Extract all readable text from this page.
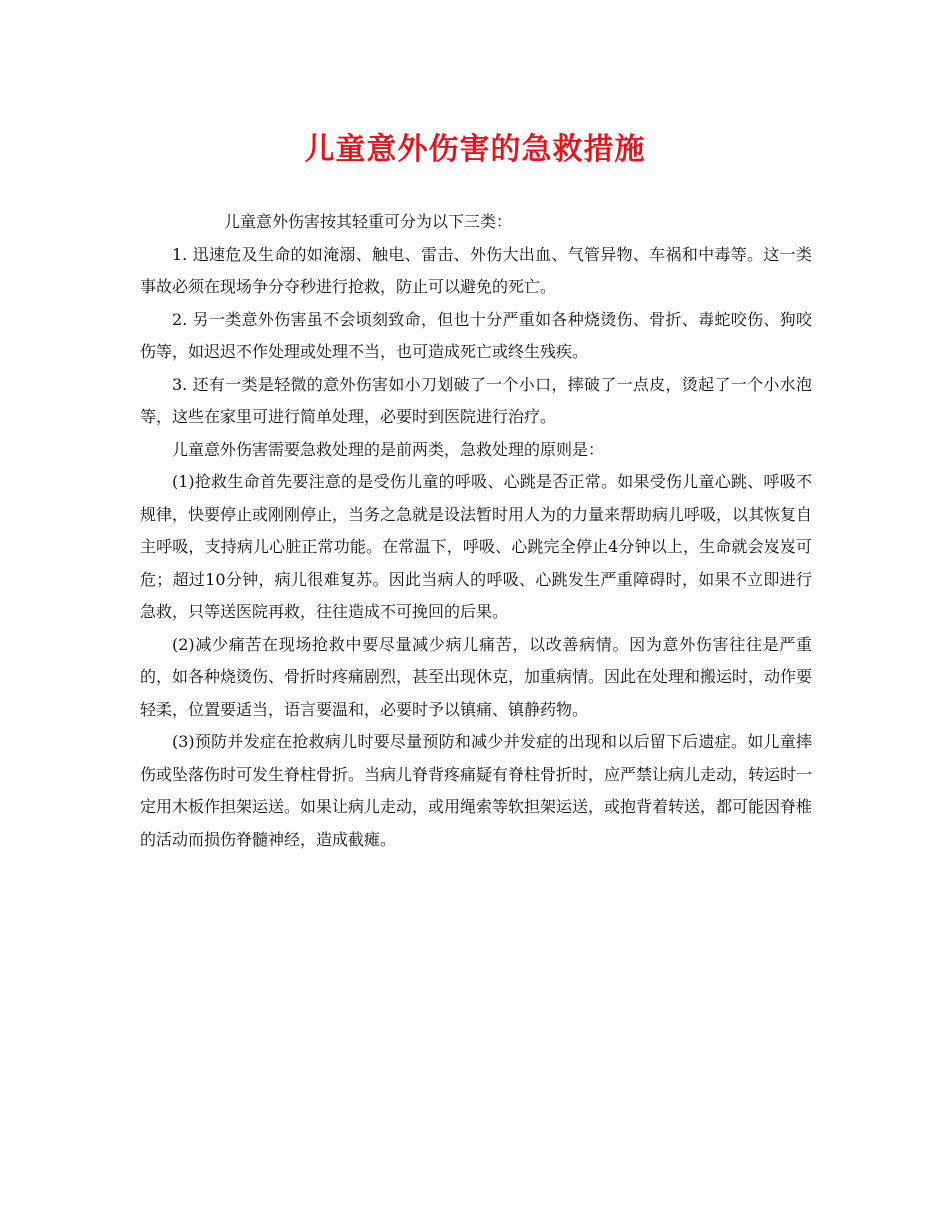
儿童意外伤害的急救措施

儿童意外伤害按其轻重可分为以下三类：

1. 迅速危及生命的如淹溺、触电、雷击、外伤大出血、气管异物、车祸和中毒等。这一类事故必须在现场争分夺秒进行抢救，防止可以避免的死亡。

2. 另一类意外伤害虽不会顷刻致命，但也十分严重如各种烧烫伤、骨折、毒蛇咬伤、狗咬伤等，如迟迟不作处理或处理不当，也可造成死亡或终生残疾。

3. 还有一类是轻微的意外伤害如小刀划破了一个小口，摔破了一点皮，烫起了一个小水泡等，这些在家里可进行简单处理，必要时到医院进行治疗。

儿童意外伤害需要急救处理的是前两类，急救处理的原则是：

(1)抢救生命首先要注意的是受伤儿童的呼吸、心跳是否正常。如果受伤儿童心跳、呼吸不规律，快要停止或刚刚停止，当务之急就是设法暂时用人为的力量来帮助病儿呼吸，以其恢复自主呼吸，支持病儿心脏正常功能。在常温下，呼吸、心跳完全停止4分钟以上，生命就会岌岌可危；超过10分钟，病儿很难复苏。因此当病人的呼吸、心跳发生严重障碍时，如果不立即进行急救，只等送医院再救，往往造成不可挽回的后果。

(2)减少痛苦在现场抢救中要尽量减少病儿痛苦，以改善病情。因为意外伤害往往是严重的，如各种烧烫伤、骨折时疼痛剧烈，甚至出现休克，加重病情。因此在处理和搬运时，动作要轻柔，位置要适当，语言要温和，必要时予以镇痛、镇静药物。

(3)预防并发症在抢救病儿时要尽量预防和减少并发症的出现和以后留下后遗症。如儿童摔伤或坠落伤时可发生脊柱骨折。当病儿脊背疼痛疑有脊柱骨折时，应严禁让病儿走动，转运时一定用木板作担架运送。如果让病儿走动，或用绳索等软担架运送，或抱背着转送，都可能因脊椎的活动而损伤脊髓神经，造成截瘫。
